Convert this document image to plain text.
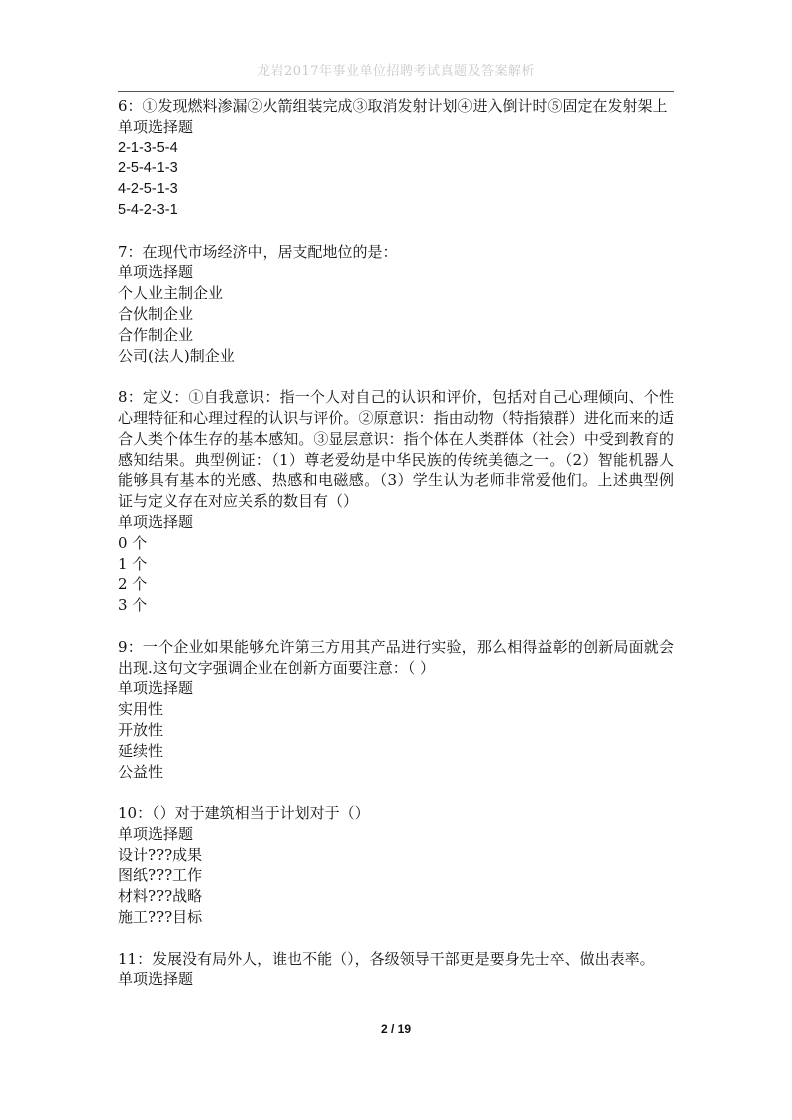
龙岩2017年事业单位招聘考试真题及答案解析

6：①发现燃料渗漏②火箭组装完成③取消发射计划④进入倒计时⑤固定在发射架上

单项选择题

2-1-3-5-4

2-5-4-1-3

4-2-5-1-3

5-4-2-3-1

7：在现代市场经济中，居支配地位的是：

单项选择题

个人业主制企业

合伙制企业

合作制企业

公司(法人)制企业

8：定义：①自我意识：指一个人对自己的认识和评价，包括对自己心理倾向、个性心理特征和心理过程的认识与评价。②原意识：指由动物（特指猿群）进化而来的适合人类个体生存的基本感知。③显层意识：指个体在人类群体（社会）中受到教育的感知结果。典型例证：（1）尊老爱幼是中华民族的传统美德之一。（2）智能机器人能够具有基本的光感、热感和电磁感。（3）学生认为老师非常爱他们。上述典型例证与定义存在对应关系的数目有（）

单项选择题

0 个

1 个

2 个

3 个

9：一个企业如果能够允许第三方用其产品进行实验，那么相得益彰的创新局面就会出现.这句文字强调企业在创新方面要注意：（ ）

单项选择题

实用性

开放性

延续性

公益性

10：（）对于建筑相当于计划对于（）

单项选择题

设计???成果

图纸???工作

材料???战略

施工???目标

11：发展没有局外人，谁也不能（），各级领导干部更是要身先士卒、做出表率。

单项选择题

2 / 19
